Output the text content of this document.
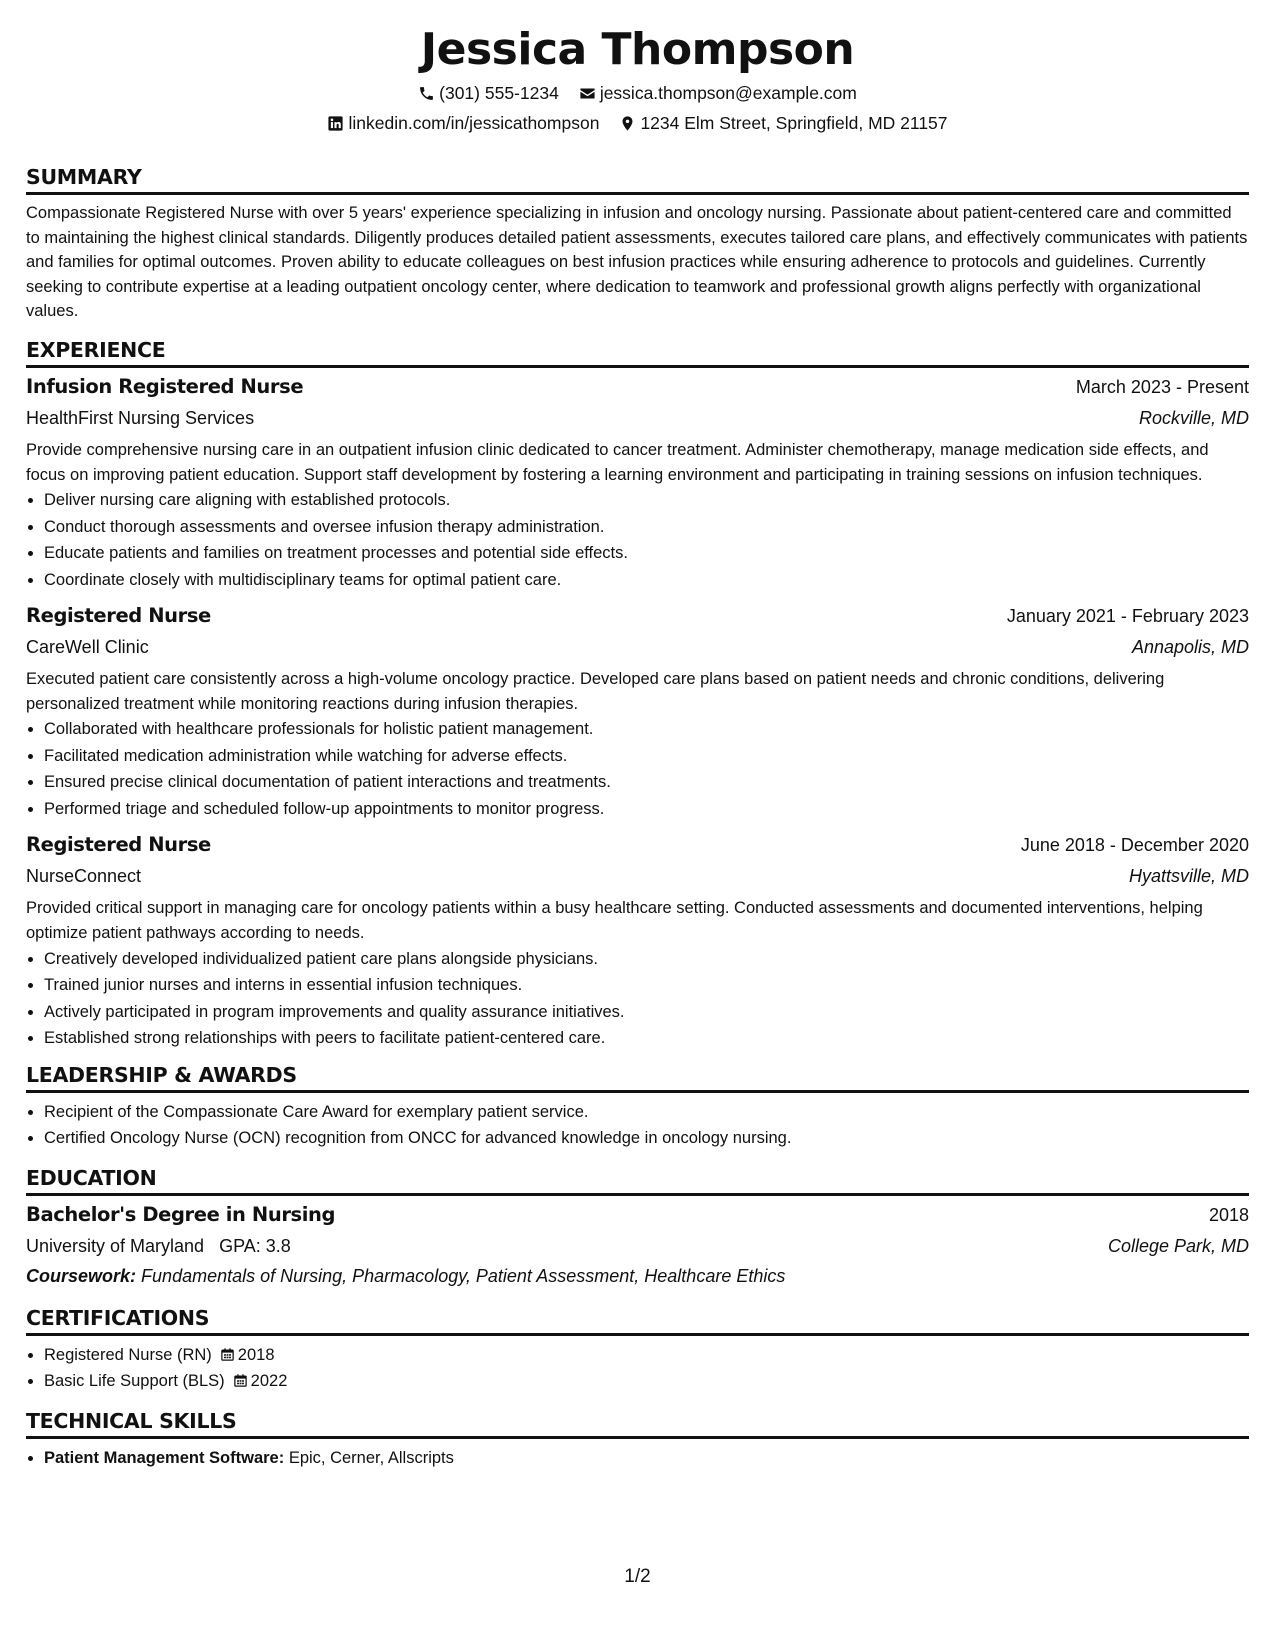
Jessica Thompson
(301) 555-1234 jessica.thompson@example.com
linkedin.com/in/jessicathompson 1234 Elm Street, Springfield, MD 21157
SUMMARY

Compassionate Registered Nurse with over 5 years' experience specializing in infusion and oncology nursing. Passionate about patient-centered care and committed to maintaining the highest clinical standards. Diligently produces detailed patient assessments, executes tailored care plans, and effectively communicates with patients and families for optimal outcomes. Proven ability to educate colleagues on best infusion practices while ensuring adherence to protocols and guidelines. Currently seeking to contribute expertise at a leading outpatient oncology center, where dedication to teamwork and professional growth aligns perfectly with organizational values.

EXPERIENCE
Infusion Registered Nurse	March 2023 - Present
HealthFirst Nursing Services	Rockville, MD

Provide comprehensive nursing care in an outpatient infusion clinic dedicated to cancer treatment. Administer chemotherapy, manage medication side effects, and focus on improving patient education. Support staff development by fostering a learning environment and participating in training sessions on infusion techniques.

• Deliver nursing care aligning with established protocols.
• Conduct thorough assessments and oversee infusion therapy administration.
• Educate patients and families on treatment processes and potential side effects.
• Coordinate closely with multidisciplinary teams for optimal patient care.
Registered Nurse	January 2021 - February 2023
CareWell Clinic	Annapolis, MD

Executed patient care consistently across a high-volume oncology practice. Developed care plans based on patient needs and chronic conditions, delivering personalized treatment while monitoring reactions during infusion therapies.

• Collaborated with healthcare professionals for holistic patient management.
• Facilitated medication administration while watching for adverse effects.
• Ensured precise clinical documentation of patient interactions and treatments.
• Performed triage and scheduled follow-up appointments to monitor progress.
Registered Nurse	June 2018 - December 2020
NurseConnect	Hyattsville, MD

Provided critical support in managing care for oncology patients within a busy healthcare setting. Conducted assessments and documented interventions, helping optimize patient pathways according to needs.

• Creatively developed individualized patient care plans alongside physicians.
• Trained junior nurses and interns in essential infusion techniques.
• Actively participated in program improvements and quality assurance initiatives.
• Established strong relationships with peers to facilitate patient-centered care.
LEADERSHIP & AWARDS
• Recipient of the Compassionate Care Award for exemplary patient service.
• Certified Oncology Nurse (OCN) recognition from ONCC for advanced knowledge in oncology nursing.
EDUCATION
Bachelor's Degree in Nursing	2018
University of Maryland GPA: 3.8	College Park, MD
Coursework: Fundamentals of Nursing, Pharmacology, Patient Assessment, Healthcare Ethics
CERTIFICATIONS
• Registered Nurse (RN) 2018
• Basic Life Support (BLS) 2022
TECHNICAL SKILLS
• Patient Management Software: Epic, Cerner, Allscripts
1/2
